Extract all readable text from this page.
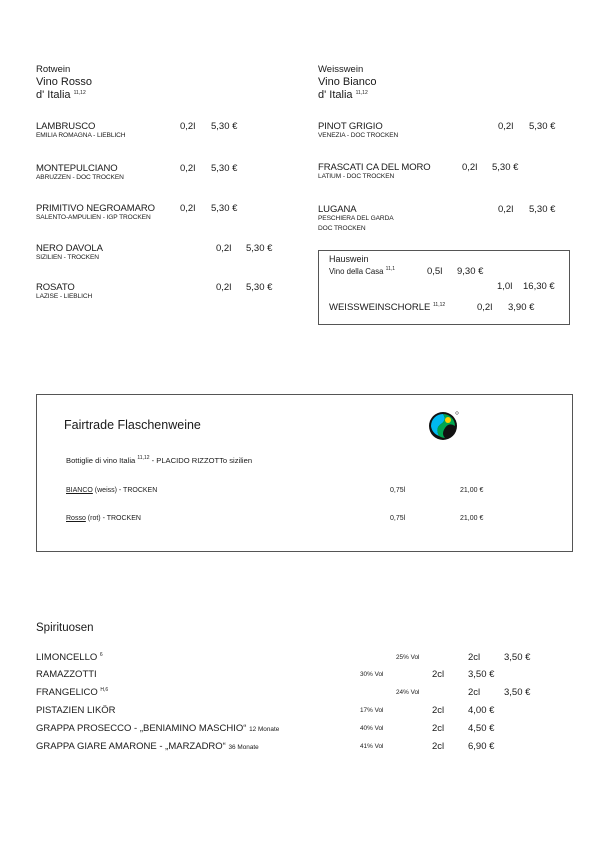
Rotwein
Vino Rosso
d' Italia $^{11,12}$
LAMBRUSCO
EMILIA ROMAGNA - LIEBLICH
0,2l 5,30 €
MONTEPULCIANO
ABRUZZEN - DOC TROCKEN
0,2l 5,30 €
PRIMITIVO NEGROAMARO
SALENTO-AMPULIEN - IGP TROCKEN
0,2l 5,30 €
NERO DAVOLA
SIZILIEN - TROCKEN
0,2l 5,30 €
ROSATO
LAZISE - LIEBLICH
0,2l 5,30 €
Weisswein
Vino Bianco
d' Italia $^{11,12}$
PINOT GRIGIO
VENEZIA - DOC TROCKEN
0,2l 5,30 €
FRASCATI CA DEL MORO
LATIUM - DOC TROCKEN
0,2l 5,30 €
LUGANA
PESCHIERA DEL GARDA
DOC TROCKEN
0,2l 5,30 €
Hauswein
Vino della Casa $^{11,1}$	0,5l 9,30 €
1,0l 16,30 €
WEISSWEINSCHORLE $^{11,12}$	0,2l 3,90 €
Fairtrade Flaschenweine
Bottiglie di vino Italia $^{11,12}$ - PLACIDO RIZZOTTo sizilien
BIANCO (weiss) - TROCKEN	0,75l	21,00 €
Rosso (rot) - TROCKEN	0,75l	21,00 €
Spirituosen
LIMONCELLO $^6$	25% Vol	2cl	3,50 €
RAMAZZOTTI	30% Vol	2cl	3,50 €
FRANGELICO $^{H,6}$	24% Vol	2cl	3,50 €
PISTAZIEN LIKÖR	17% Vol	2cl	4,00 €
GRAPPA PROSECCO - „BENIAMINO MASCHIO“ 12 Monate	40% Vol	2cl	4,50 €
GRAPPA GIARE AMARONE - „MARZADRO“ 36 Monate	41% Vol	2cl	6,90 €
